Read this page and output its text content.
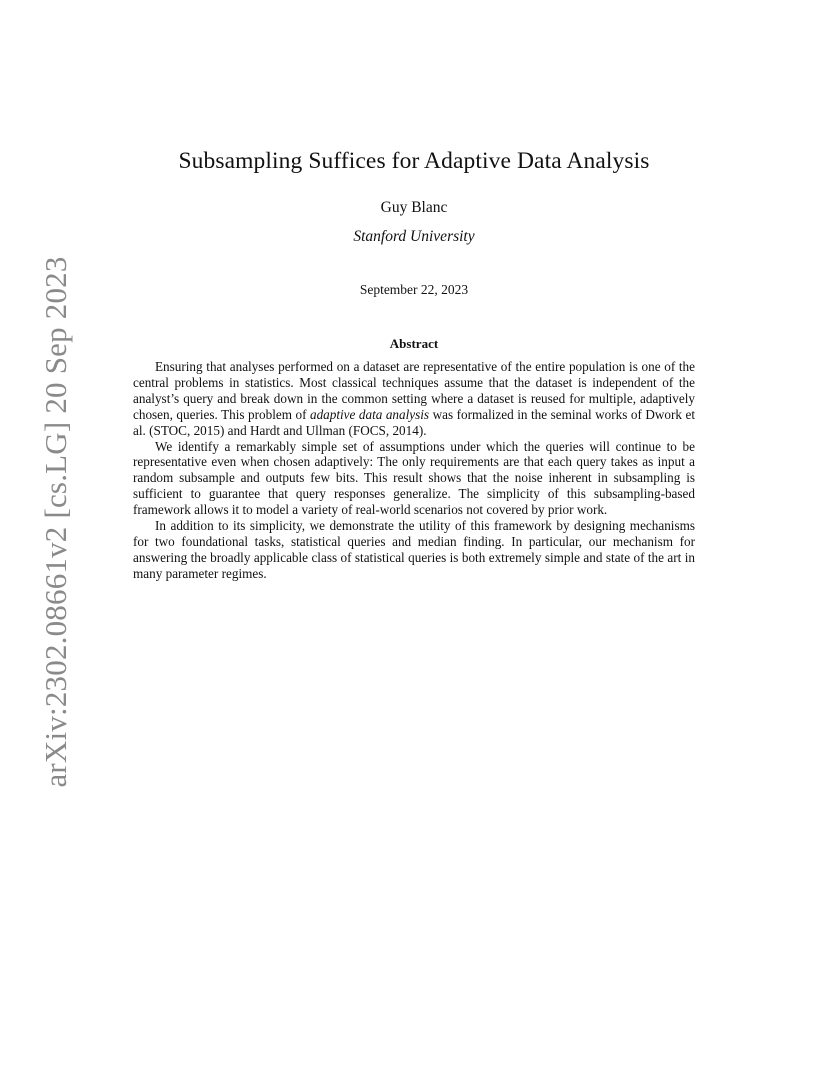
arXiv:2302.08661v2 [cs.LG] 20 Sep 2023
Subsampling Suffices for Adaptive Data Analysis
Guy Blanc
Stanford University
September 22, 2023
Abstract

Ensuring that analyses performed on a dataset are representative of the entire population is one of the central problems in statistics. Most classical techniques assume that the dataset is independent of the analyst’s query and break down in the common setting where a dataset is reused for multiple, adaptively chosen, queries. This problem of adaptive data analysis was formalized in the seminal works of Dwork et al. (STOC, 2015) and Hardt and Ullman (FOCS, 2014).

We identify a remarkably simple set of assumptions under which the queries will continue to be representative even when chosen adaptively: The only requirements are that each query takes as input a random subsample and outputs few bits. This result shows that the noise inherent in subsampling is sufficient to guarantee that query responses generalize. The simplicity of this subsampling-based framework allows it to model a variety of real-world scenarios not covered by prior work.

In addition to its simplicity, we demonstrate the utility of this framework by designing mechanisms for two foundational tasks, statistical queries and median finding. In particular, our mechanism for answering the broadly applicable class of statistical queries is both extremely simple and state of the art in many parameter regimes.
